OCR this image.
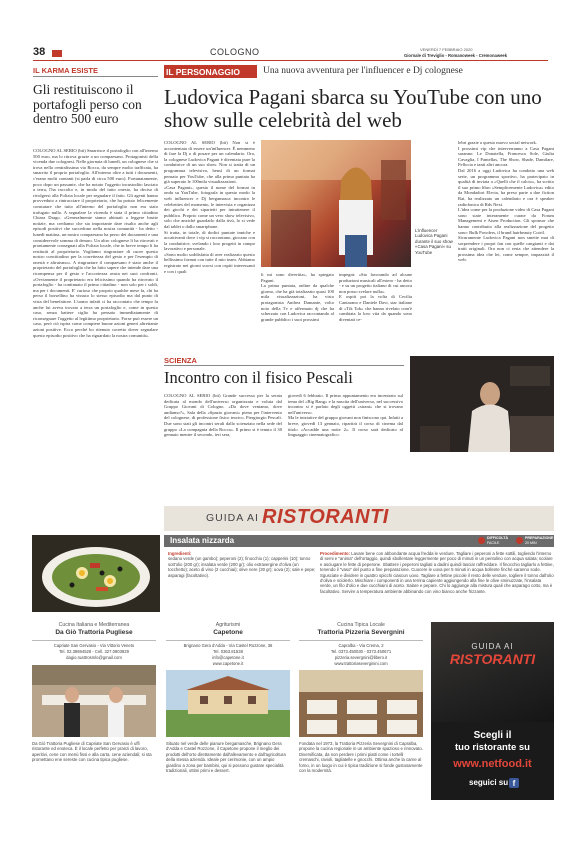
38	COLOGNO	VENERDÌ 7 FEBBRAIO 2020
Giornale di Treviglio - Romanoweek - Cremonaweek
IL KARMA ESISTE
Gli restituiscono il portafogli perso con dentro 500 euro
COLOGNO AL SERIO (bti) Smarrisce il portafoglio con all'interno 500 euro, ma lo ritrova grazie a un compaesano. Protagonisti della vicenda due colognesi. Nelle giornata di lunedì, un colognese che si trova nella centralissima via Rocca, da sempre molto trafficata, ha smarrito il proprio portafoglio. All'interno oltre a tutti i documenti, c'erano molti contanti (si parla di circa 500 euro). Fortunatamente, poco dopo un passante, che ha notato l'oggetto incustodito lasciato a terra, l'ha raccolto e, in modo del tutto onesto, ha deciso di rivolgersi alla Polizia locale per segnalare il fatto. Gli agenti hanno provveduto a rintracciare il proprietario, che ha potuto felicemente constatare che tutto all'interno del portafoglio non era stato trafugato nulla. A segnalare la vicenda è stata il primo cittadino Chiara Drago. «Generalmente siamo abituati a leggere brutte notizie, ma crediamo che sia importante dare risalto anche agli episodi positivi che succedono nella nostra comunità - ha detto - lunedì mattina, un nostro compaesano ha perso dei documenti e una considerevole somma di denaro. Un altro colognese li ha ritrovati e prontamente consegnati alla Polizia locale, che in breve tempo li ha restituiti al proprietario. Vogliamo ringraziare di cuore questo nostro concittadino per la correttezza del gesto e per l'esempio di onestà e altruismo». A ringraziare il compaesano è stato anche il proprietario del portafoglio che ha fatto sapere che intende dare una ricompensa per il gesto e l'accortezza avuta nei suoi confronti. «Ovviamente il proprietario era felicissimo quando ha ritrovato il portafoglio - ha continuato il primo cittadino - non solo per i soldi, ma per i documenti. E' curioso che proprio qualche mese fa, chi ha perso il borsellino ha vissuto lo stesso episodio ma dal punto di vista del benefattore. L'uomo infatti ci ha raccontato che tempo fa anche lui aveva trovato a terra un portafoglio e, come in questo caso, senza battere ciglio ha pensato immediatamente di riconsegnare l'oggetto al legittimo proprietario. Forse può essere un caso, però ciò ispira come compiere buone azioni generi altrettante azioni positive. Ecco perché ho ritenuto corretto dover segnalare questo episodio positivo che ha riguardato la nostra comunità».
IL PERSONAGGIO Una nuova avventura per l'influencer e Dj colognese
Ludovica Pagani sbarca su YouTube con uno show sulle celebrità del web
COLOGNO AL SERIO (bti) Non si è accontentata di essere un'influencer. È nemmeno di fare la Dj o di posare per un calendario. Ora, la colognese Ludovica Pagani è diventata pure la conduttrice di un suo show. Non si tratta di un programma televisivo, bensì di un format pensato per YouTube, che alla prima puntata ha già superato le 100mila visualizzazioni.
«Casa Pagani», questo il nome del format in onda su YouTube, fotografa in questo modo la web influencer e Dj bergamasca incontra le celebrities del momento, le intervista e organizza dei giochi e dei siparietti per intrattenere il pubblico. Proprio come un vero show televisivo, solo che anziché guardarlo dalla tivù, lo si vede dal tablet o dallo smartphone.
Si tratta, in totale, di dodici puntate inniche e accattivanti dove i vip si raccontano, giocano con la conduttrice, svelando i loro progetti in campo lavorativo e personale.
«Sono molto soddisfatta di aver realizzato questo bellissimo format con tutte il mio team. Abbiamo registrato nei giorni scorsi con ospiti interessanti e con i quali
L'influencer Ludovica Pagani durante il suo show «Casa Pagani» su YouTube
li mi sono divertita», ha spiegato Pagani.
La prima puntata, online da qualche giorno, che ha già totalizzato quasi 100 mila visualizzazioni, ha visto protagonista Andrea Damante, volto noto della Tv e affermato dj che ha scherzato con Ludovica raccontando al grande pubblico i suoi prossimi
impegni: «Sto lavorando ad alcune produzioni musicali all'estero - ha detto - e su un progetto italiano di cui ancora non posso svelare nulla».
E ospiti poi la volta di Cecilia Cantarano e Daniele Davi, star italiane di «Tik Tok» che hanno rivelato com'è cambiata la loro vita da quando sono diventati ce-
lebri grazie a questo nuovo social network.
I prossimi vip che interverranno a Casa Pagani saranno: Le Donatella, Francesco Sole, Giulia Cavaglia, I Pantellas, The Show, Shade, Damilare, Fellocia e tanti altri ancora.
Dal 2016 a oggi Ludovica ha condotto una web serie, un programma sportivo, ha partecipato in qualità di inviata a «Quelli che il calcio», ha scritto il suo primo libro «Semplicemente Ludovica» edito da Mondadori Electa, ha preso parte a due fiction Rai, ha realizzato un calendario e ora è speaker radiofonica di Rds Next.
L'idea come per la produzione video di Casa Pagani sono state interamente curate da Forum Management e Aisen Production. Gli sponsor che hanno contribuito alla realizzazione del progetto sono: Bulk Powders, il brand hairbeauty Cotril.
Sicuramente Ludovica Pagani non smette mai di sorprendere i propri fan con quelle cangianti e dai tratti originali. Ora non ci resta che attendere la prossima idea che lei, come sempre, impazzirà il web.
SCIENZA
Incontro con il fisico Pescali
COLOGNO AL SERIO (bti) Grande successo per la serata dedicata al mondo dell'universo organizzata e voluta dal Gruppo Giovani di Cologno. «Da dove veniamo, dove andiamo?», Sala della «Spazio giovani» piena per l'intervento del colognese, di professione fisico teorico, Piergiorgio Pescali. Due sono stati gli incontri serali dallo scienziato nella sede del gruppo «La compagnia della Rocca». Il primo si è tenuto il 30 gennaio mentre il secondo, ieri sera,
giovedì 6 febbraio. Il primo appuntamento era incentrato sul tema del «Big Bang» e la nascita dell'universo, nel successivo incontro si è parlato degli oggetti «strani» che si trovano nell'universo.
Ma le iniziative del gruppo giovani non finiscono qui. Infatti a breve, giovedì 13 gennaio, ripartirà il corso di cinema dal titolo «Accadde una notte 2». Il corso sarà dedicato al linguaggio cinematografico.
GUIDA AI RISTORANTI
Insalata nizzarda	DIFFICOLTÀ
FACILE
PREPARAZIONE
20 MIN
Ingredienti:
sedano verde (un gambo); peperoni (2); finocchio (1); capperini (10); tonno sott'olio (200 gr); insalata verde (200 gr); olio extravergine d'oliva (un tocchetto); aceto di vino (2 cucchiai); olive nere (30 gr); uova (2); sale e pepe; asparagi (facoltativo).
Procedimento: Lavare bene con abbondante acqua fredda le verdure. Tagliare i peperoni a fette sottili, togliendo l'interno di semi e "anima" dell'ortaggio, quindi sbollentare leggermente per poco di minuti in un pentolino con acqua salata; scolare e asciugare le fette di peperone. Sbattere i peperoni tagliati a dadini quindi lasciar raffreddare. Il finocchio tagliarlo a fettine, tenendo il "vaso" del punto a fine preparazione. Cuocere le uova per 5 minuti in acqua bollente finché saranno sode. Sgusciate e dividere in quattro spicchi ciascun uovo. Tagliare a fettine piccole il resto delle verdure, togliere il tonno dall'olio d'oliva e sciolerlo. Mischiare i componenti in una terrina capiente aggiungendo alla fine le olive sminuzzate, l'insalata verde, un filo d'olio e due cucchiaini di aceto. Salare e pepare. Chi lo aggiunge alla mistura quali che asparago cotto, ma è facoltativo. Servire a temperatura ambiente abbinando con vino bianco anche frizzante.
Cucina Italiana e Mediterranea
Da Giò Trattoria Pugliese
Capriate San Gervasio - Via Vittorio Veneto
Tel. 02.39694528 - Cell. 327.0903929
dagio.ruattrosmlo@gmail.com
Da Giò Trattoria Pugliese di Capriate San Gervasio è uffi ristorante ed enoteca. È il locale perfetto per pranzi di lavoro, aperitivi, cene con menù fissi e alla carta, cene aziendali; si sta promettano ene sereste con cucina tipica pugliese.
Agriturismi
Capetone
Brignano Gera d'Adda - Via Castel Rozzone, 36
Tel. 0363.81538
info@capetone.it
www.capetone.it
Situato nel verde delle pianure bergamasche, Brignano Gera d'Adda e Castel Rozzone, il Capetone propone il meglio dei prodotti dell'orto direttamente dall'allevamento e dall'agricoltura della stessa azienda. Ideale per cerimonie, con un ampio giardino a zona per bambini, qui si possono gustare specialità tradizionali, ottimi primi e dessert.
Cucina Tipica Locale
Trattoria Pizzeria Severgnini
Capralba - Via Crema, 2
Tel. 0373.450030 - 0373.450671
pizzeria.severgnini@libero.it
www.trattoriaseverginini.com
Fondata nel 1973, la Trattoria Pizzeria Severgnini di Capralba, propone la cucina regionale in un ambiente spazioso e rinnovato. Diversificata, da non perdere i primi piatti come i tortelli cremaschi, ravioli, tagliatelle e gnocchi. Ottima anche la carne al forno, in un luogo in cui è tipica tradizione si fonde gustosamente con la modernità.
GUIDA AI
RISTORANTI
Scegli il
tuo ristorante su
www.netfood.it
seguici su f
